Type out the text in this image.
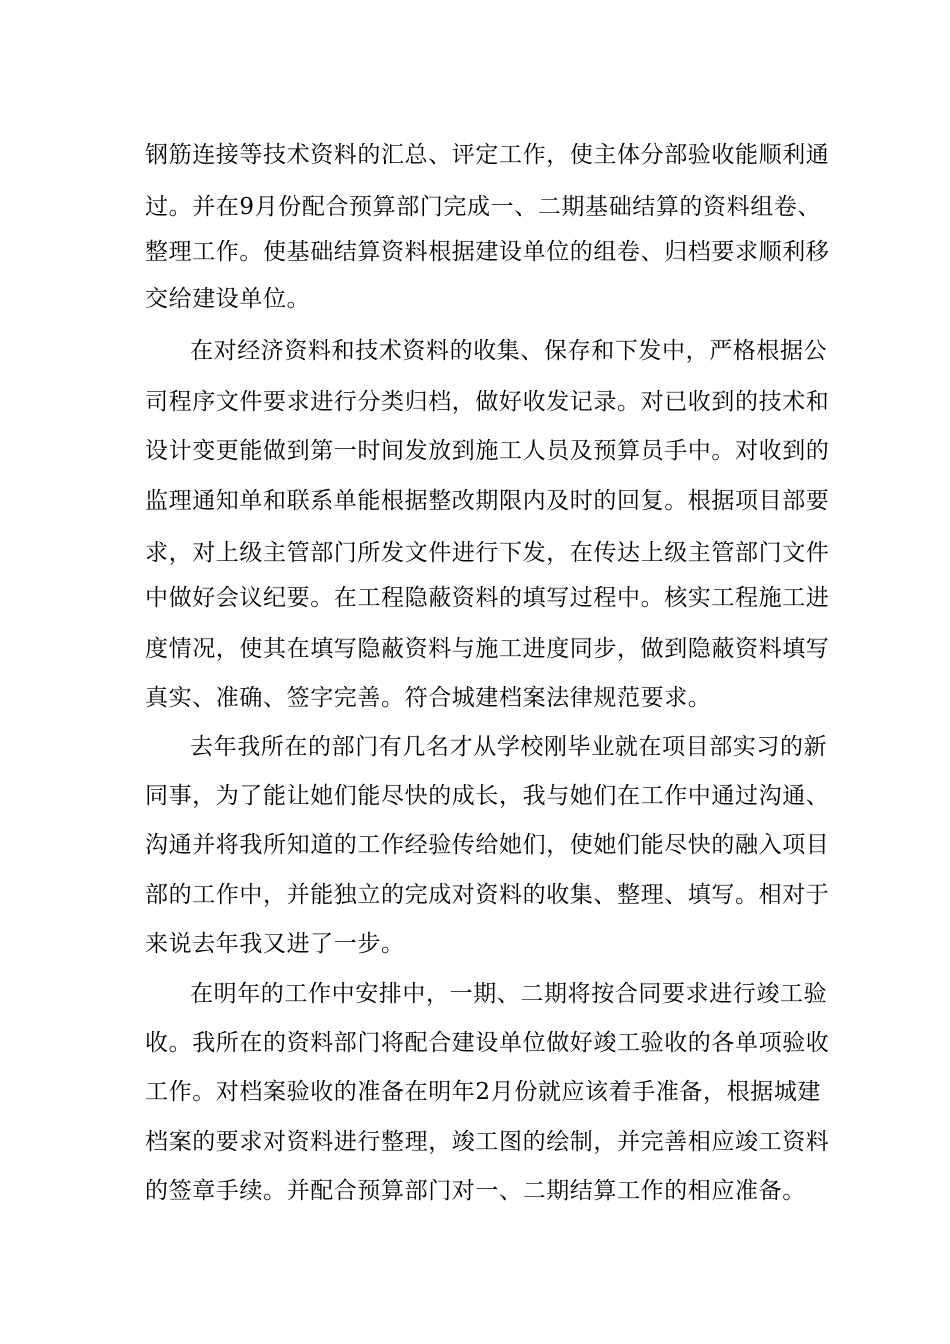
钢筋连接等技术资料的汇总、评定工作，使主体分部验收能顺利通
过。并在9月份配合预算部门完成一、二期基础结算的资料组卷、
整理工作。使基础结算资料根据建设单位的组卷、归档要求顺利移
交给建设单位。
在对经济资料和技术资料的收集、保存和下发中，严格根据公
司程序文件要求进行分类归档，做好收发记录。对已收到的技术和
设计变更能做到第一时间发放到施工人员及预算员手中。对收到的
监理通知单和联系单能根据整改期限内及时的回复。根据项目部要
求，对上级主管部门所发文件进行下发，在传达上级主管部门文件
中做好会议纪要。在工程隐蔽资料的填写过程中。核实工程施工进
度情况，使其在填写隐蔽资料与施工进度同步，做到隐蔽资料填写
真实、准确、签字完善。符合城建档案法律规范要求。
去年我所在的部门有几名才从学校刚毕业就在项目部实习的新
同事，为了能让她们能尽快的成长，我与她们在工作中通过沟通、
沟通并将我所知道的工作经验传给她们，使她们能尽快的融入项目
部的工作中，并能独立的完成对资料的收集、整理、填写。相对于
来说去年我又进了一步。
在明年的工作中安排中，一期、二期将按合同要求进行竣工验
收。我所在的资料部门将配合建设单位做好竣工验收的各单项验收
工作。对档案验收的准备在明年2月份就应该着手准备，根据城建
档案的要求对资料进行整理，竣工图的绘制，并完善相应竣工资料
的签章手续。并配合预算部门对一、二期结算工作的相应准备。
